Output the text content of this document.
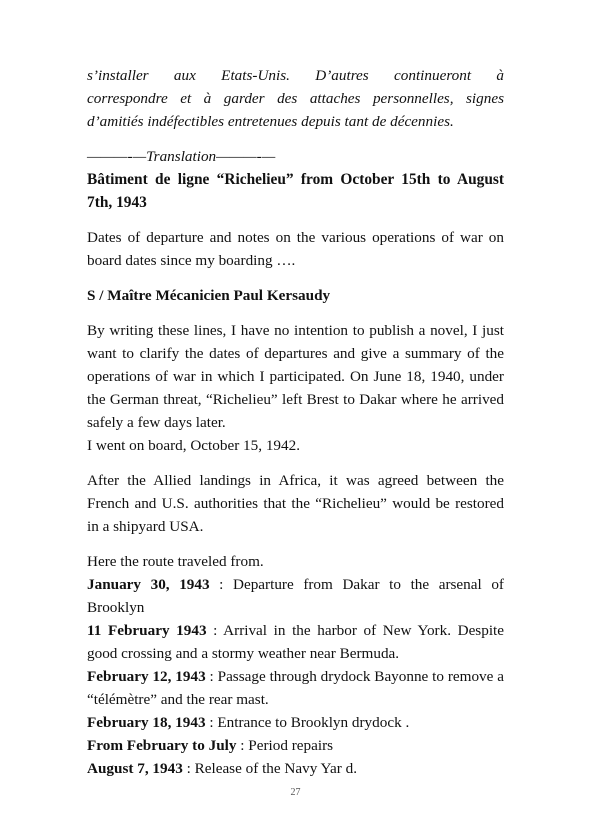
s’installer aux Etats-Unis. D’autres continueront à

correspondre et à garder des attaches personnelles, signes

d’amitiés indéfectibles entretenues depuis tant de décennies.

———-—Translation———-—

Bâtiment de ligne “Richelieu” from October 15th to August 7th, 1943

Dates of departure and notes on the various operations of war on board dates since my boarding ….

S / Maître Mécanicien Paul Kersaudy

By writing these lines, I have no intention to publish a novel, I just want to clarify the dates of departures and give a summary of the operations of war in which I participated. On June 18, 1940, under the German threat, “Richelieu” left Brest to Dakar where he arrived safely a few days later.

I went on board, October 15, 1942.

After the Allied landings in Africa, it was agreed between the French and U.S. authorities that the “Richelieu” would be restored in a shipyard USA.

Here the route traveled from.

January 30, 1943 : Departure from Dakar to the arsenal of Brooklyn

11 February 1943 : Arrival in the harbor of New York. Despite good crossing and a stormy weather near Bermuda.

February 12, 1943 : Passage through drydock Bayonne to remove a “télémètre” and the rear mast.

February 18, 1943 : Entrance to Brooklyn drydock .

From February to July : Period repairs

August 7, 1943 : Release of the Navy Yar d.

27
